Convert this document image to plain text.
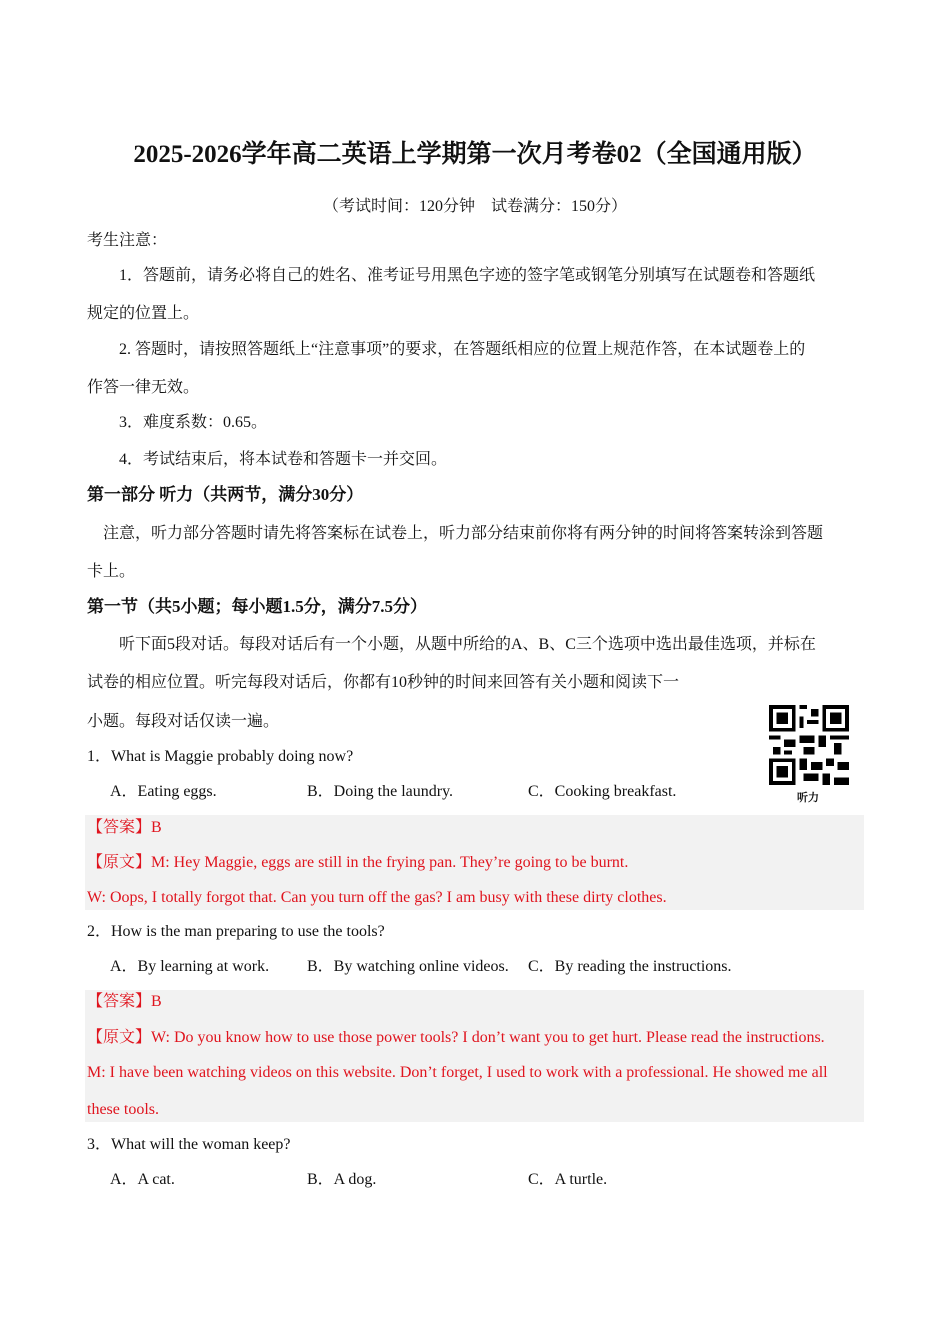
2025-2026学年高二英语上学期第一次月考卷02（全国通用版）
（考试时间：120分钟　试卷满分：150分）
考生注意：
1．答题前，请务必将自己的姓名、准考证号用黑色字迹的签字笔或钢笔分别填写在试题卷和答题纸
规定的位置上。
2. 答题时，请按照答题纸上“注意事项”的要求，在答题纸相应的位置上规范作答，在本试题卷上的
作答一律无效。
3．难度系数：0.65。
4．考试结束后，将本试卷和答题卡一并交回。
第一部分 听力（共两节，满分30分）
注意，听力部分答题时请先将答案标在试卷上，听力部分结束前你将有两分钟的时间将答案转涂到答题
卡上。
第一节（共5小题；每小题1.5分，满分7.5分）
听下面5段对话。每段对话后有一个小题，从题中所给的A、B、C三个选项中选出最佳选项，并标在
试卷的相应位置。听完每段对话后，你都有10秒钟的时间来回答有关小题和阅读下一
小题。每段对话仅读一遍。
听力
1．What is Maggie probably doing now?
A．Eating eggs.	B．Doing the laundry.	C．Cooking breakfast.
【答案】B
【原文】M: Hey Maggie, eggs are still in the frying pan. They’re going to be burnt.
W: Oops, I totally forgot that. Can you turn off the gas? I am busy with these dirty clothes.
2．How is the man preparing to use the tools?
A．By learning at work. B．By watching online videos. C．By reading the instructions.
【答案】B
【原文】W: Do you know how to use those power tools? I don’t want you to get hurt. Please read the instructions.
M: I have been watching videos on this website. Don’t forget, I used to work with a professional. He showed me all
these tools.
3．What will the woman keep?
A．A cat.	B．A dog.	C．A turtle.
